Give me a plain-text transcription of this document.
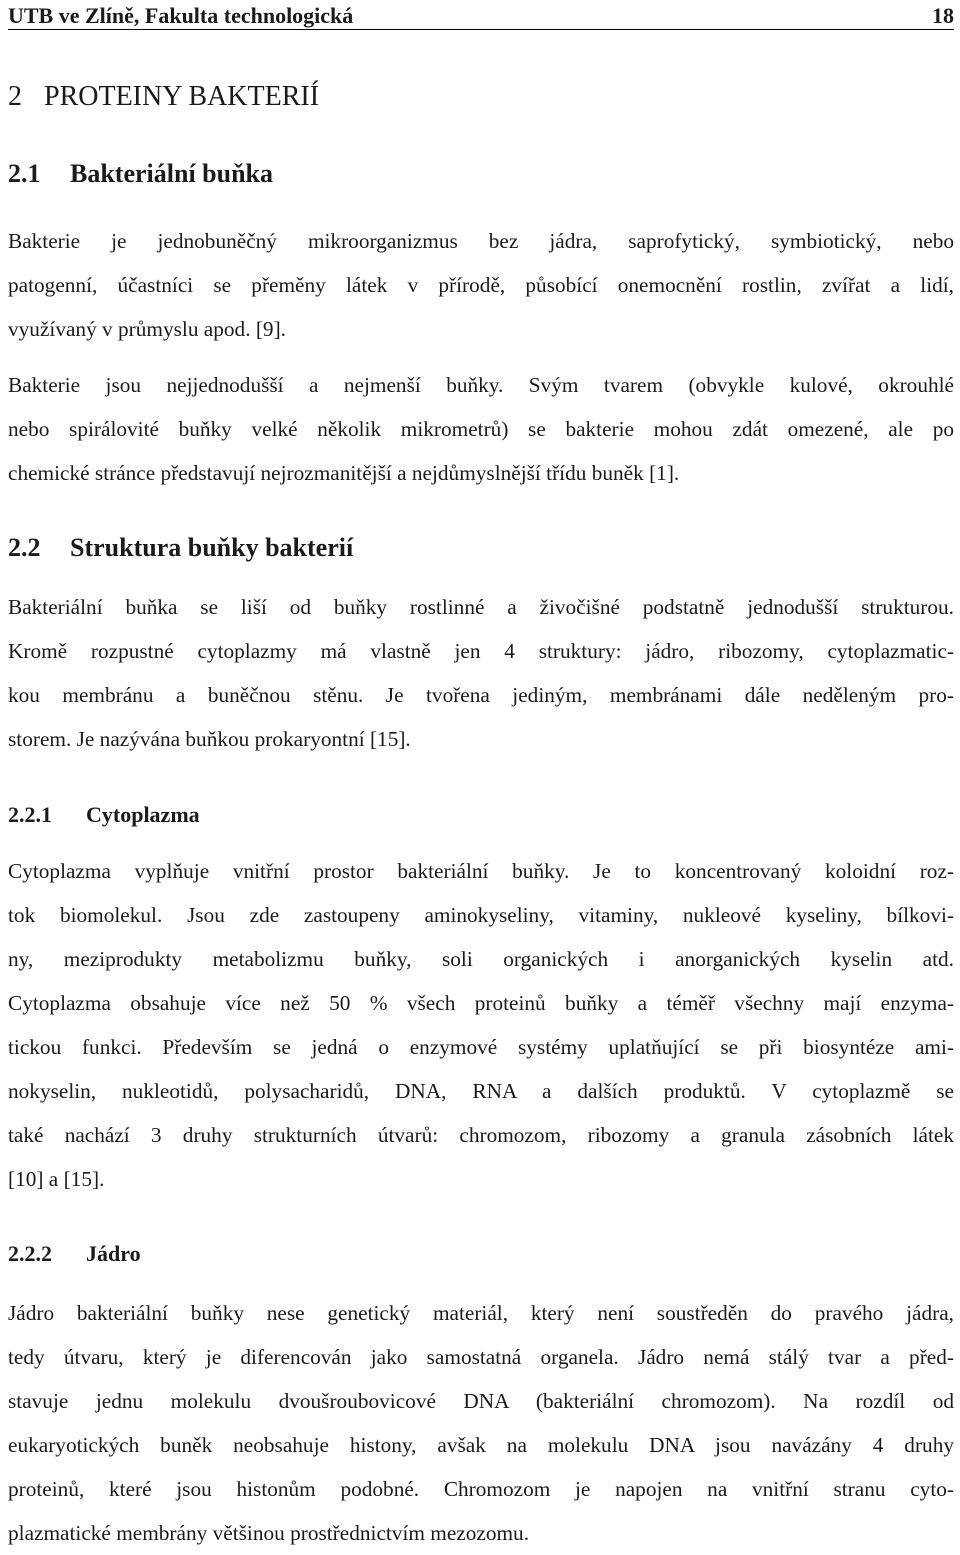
UTB ve Zlíně, Fakulta technologická	18
2 PROTEINY BAKTERIÍ
2.1 Bakteriální buňka
Bakterie je jednobuněčný mikroorganizmus bez jádra, saprofytický, symbiotický, nebo
patogenní, účastníci se přeměny látek v přírodě, působící onemocnění rostlin, zvířat a lidí,
využívaný v průmyslu apod. [9].
Bakterie jsou nejjednodušší a nejmenší buňky. Svým tvarem (obvykle kulové, okrouhlé
nebo spirálovité buňky velké několik mikrometrů) se bakterie mohou zdát omezené, ale po
chemické stránce představují nejrozmanitější a nejdůmyslnější třídu buněk [1].
2.2 Struktura buňky bakterií
Bakteriální buňka se liší od buňky rostlinné a živočišné podstatně jednodušší strukturou.
Kromě rozpustné cytoplazmy má vlastně jen 4 struktury: jádro, ribozomy, cytoplazmatic-
kou membránu a buněčnou stěnu. Je tvořena jediným, membránami dále neděleným pro-
storem. Je nazývána buňkou prokaryontní [15].
2.2.1 Cytoplazma
Cytoplazma vyplňuje vnitřní prostor bakteriální buňky. Je to koncentrovaný koloidní roz-
tok biomolekul. Jsou zde zastoupeny aminokyseliny, vitaminy, nukleové kyseliny, bílkovi-
ny, meziprodukty metabolizmu buňky, soli organických i anorganických kyselin atd.
Cytoplazma obsahuje více než 50 % všech proteinů buňky a téměř všechny mají enzyma-
tickou funkci. Především se jedná o enzymové systémy uplatňující se při biosyntéze ami-
nokyselin, nukleotidů, polysacharidů, DNA, RNA a dalších produktů. V cytoplazmě se
také nachází 3 druhy strukturních útvarů: chromozom, ribozomy a granula zásobních látek
[10] a [15].
2.2.2 Jádro
Jádro bakteriální buňky nese genetický materiál, který není soustředěn do pravého jádra,
tedy útvaru, který je diferencován jako samostatná organela. Jádro nemá stálý tvar a před-
stavuje jednu molekulu dvoušroubovicové DNA (bakteriální chromozom). Na rozdíl od
eukaryotických buněk neobsahuje histony, avšak na molekulu DNA jsou navázány 4 druhy
proteinů, které jsou histonům podobné. Chromozom je napojen na vnitřní stranu cyto-
plazmatické membrány většinou prostřednictvím mezozomu.
